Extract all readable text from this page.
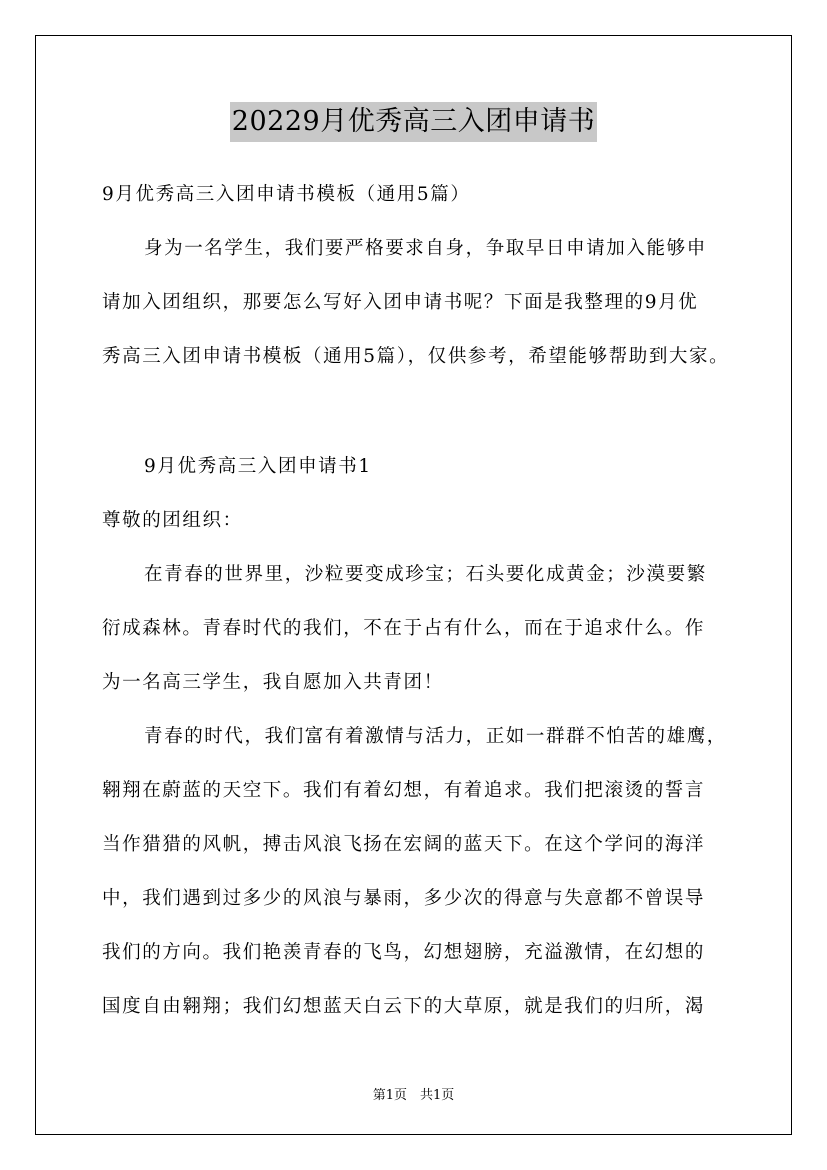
20229月优秀高三入团申请书
9月优秀高三入团申请书模板（通用5篇）
身为一名学生，我们要严格要求自身，争取早日申请加入能够申
请加入团组织，那要怎么写好入团申请书呢？下面是我整理的9月优
秀高三入团申请书模板（通用5篇），仅供参考，希望能够帮助到大家。
9月优秀高三入团申请书1
尊敬的团组织：
在青春的世界里，沙粒要变成珍宝；石头要化成黄金；沙漠要繁
衍成森林。青春时代的我们，不在于占有什么，而在于追求什么。作
为一名高三学生，我自愿加入共青团！
青春的时代，我们富有着激情与活力，正如一群群不怕苦的雄鹰，
翱翔在蔚蓝的天空下。我们有着幻想，有着追求。我们把滚烫的誓言
当作猎猎的风帆，搏击风浪飞扬在宏阔的蓝天下。在这个学问的海洋
中，我们遇到过多少的风浪与暴雨，多少次的得意与失意都不曾误导
我们的方向。我们艳羡青春的飞鸟，幻想翅膀，充溢激情，在幻想的
国度自由翱翔；我们幻想蓝天白云下的大草原，就是我们的归所，渴
第1页　共1页
